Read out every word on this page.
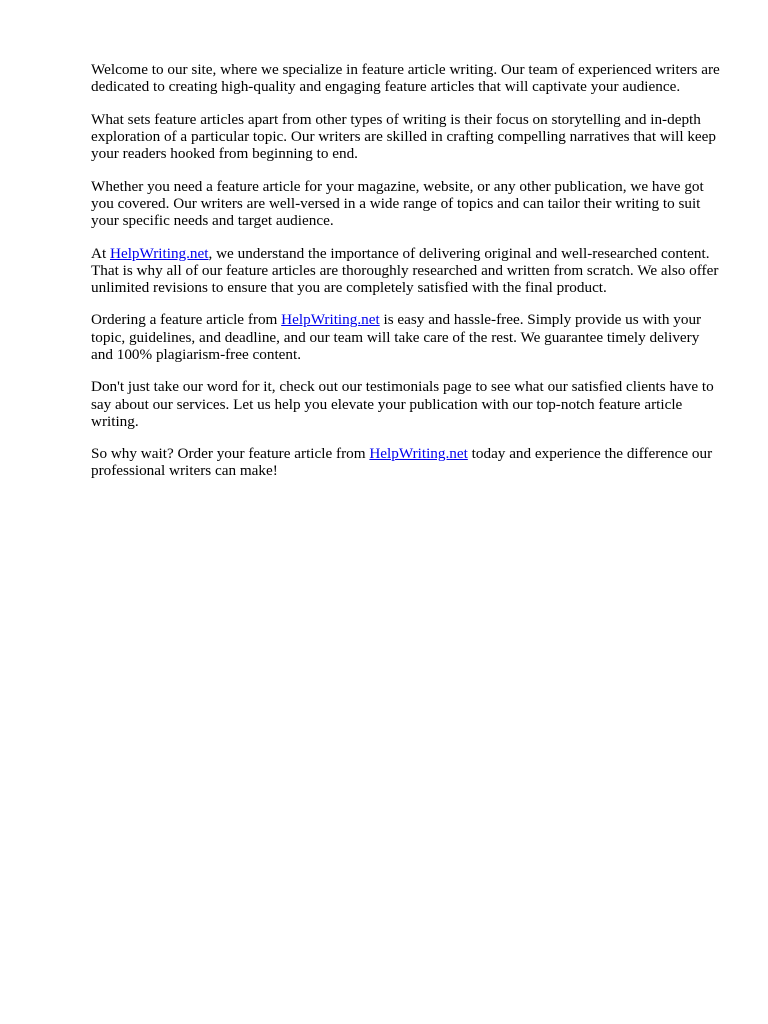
Welcome to our site, where we specialize in feature article writing. Our team of experienced writers are dedicated to creating high-quality and engaging feature articles that will captivate your audience.

What sets feature articles apart from other types of writing is their focus on storytelling and in-depth exploration of a particular topic. Our writers are skilled in crafting compelling narratives that will keep your readers hooked from beginning to end.

Whether you need a feature article for your magazine, website, or any other publication, we have got you covered. Our writers are well-versed in a wide range of topics and can tailor their writing to suit your specific needs and target audience.

At HelpWriting.net, we understand the importance of delivering original and well-researched content. That is why all of our feature articles are thoroughly researched and written from scratch. We also offer unlimited revisions to ensure that you are completely satisfied with the final product.

Ordering a feature article from HelpWriting.net is easy and hassle-free. Simply provide us with your topic, guidelines, and deadline, and our team will take care of the rest. We guarantee timely delivery and 100% plagiarism-free content.

Don't just take our word for it, check out our testimonials page to see what our satisfied clients have to say about our services. Let us help you elevate your publication with our top-notch feature article writing.

So why wait? Order your feature article from HelpWriting.net today and experience the difference our professional writers can make!
